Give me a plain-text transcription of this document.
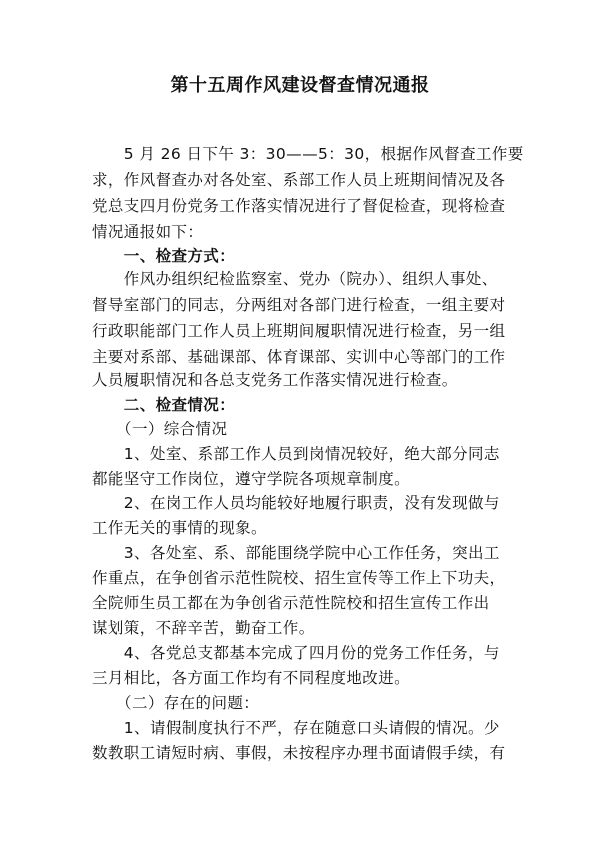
第十五周作风建设督查情况通报
　　5 月 26 日下午 3：30——5：30，根据作风督查工作要
求，作风督查办对各处室、系部工作人员上班期间情况及各
党总支四月份党务工作落实情况进行了督促检查，现将检查
情况通报如下：
　　一、检查方式：
　　作风办组织纪检监察室、党办（院办）、组织人事处、
督导室部门的同志，分两组对各部门进行检查，一组主要对
行政职能部门工作人员上班期间履职情况进行检查，另一组
主要对系部、基础课部、体育课部、实训中心等部门的工作
人员履职情况和各总支党务工作落实情况进行检查。
　　二、检查情况：
　　（一）综合情况
　　1、处室、系部工作人员到岗情况较好，绝大部分同志
都能坚守工作岗位，遵守学院各项规章制度。
　　2、在岗工作人员均能较好地履行职责，没有发现做与
工作无关的事情的现象。
　　3、各处室、系、部能围绕学院中心工作任务，突出工
作重点，在争创省示范性院校、招生宣传等工作上下功夫，
全院师生员工都在为争创省示范性院校和招生宣传工作出
谋划策，不辞辛苦，勤奋工作。
　　4、各党总支都基本完成了四月份的党务工作任务，与
三月相比，各方面工作均有不同程度地改进。
　　（二）存在的问题：
　　1、请假制度执行不严，存在随意口头请假的情况。少
数教职工请短时病、事假，未按程序办理书面请假手续，有
